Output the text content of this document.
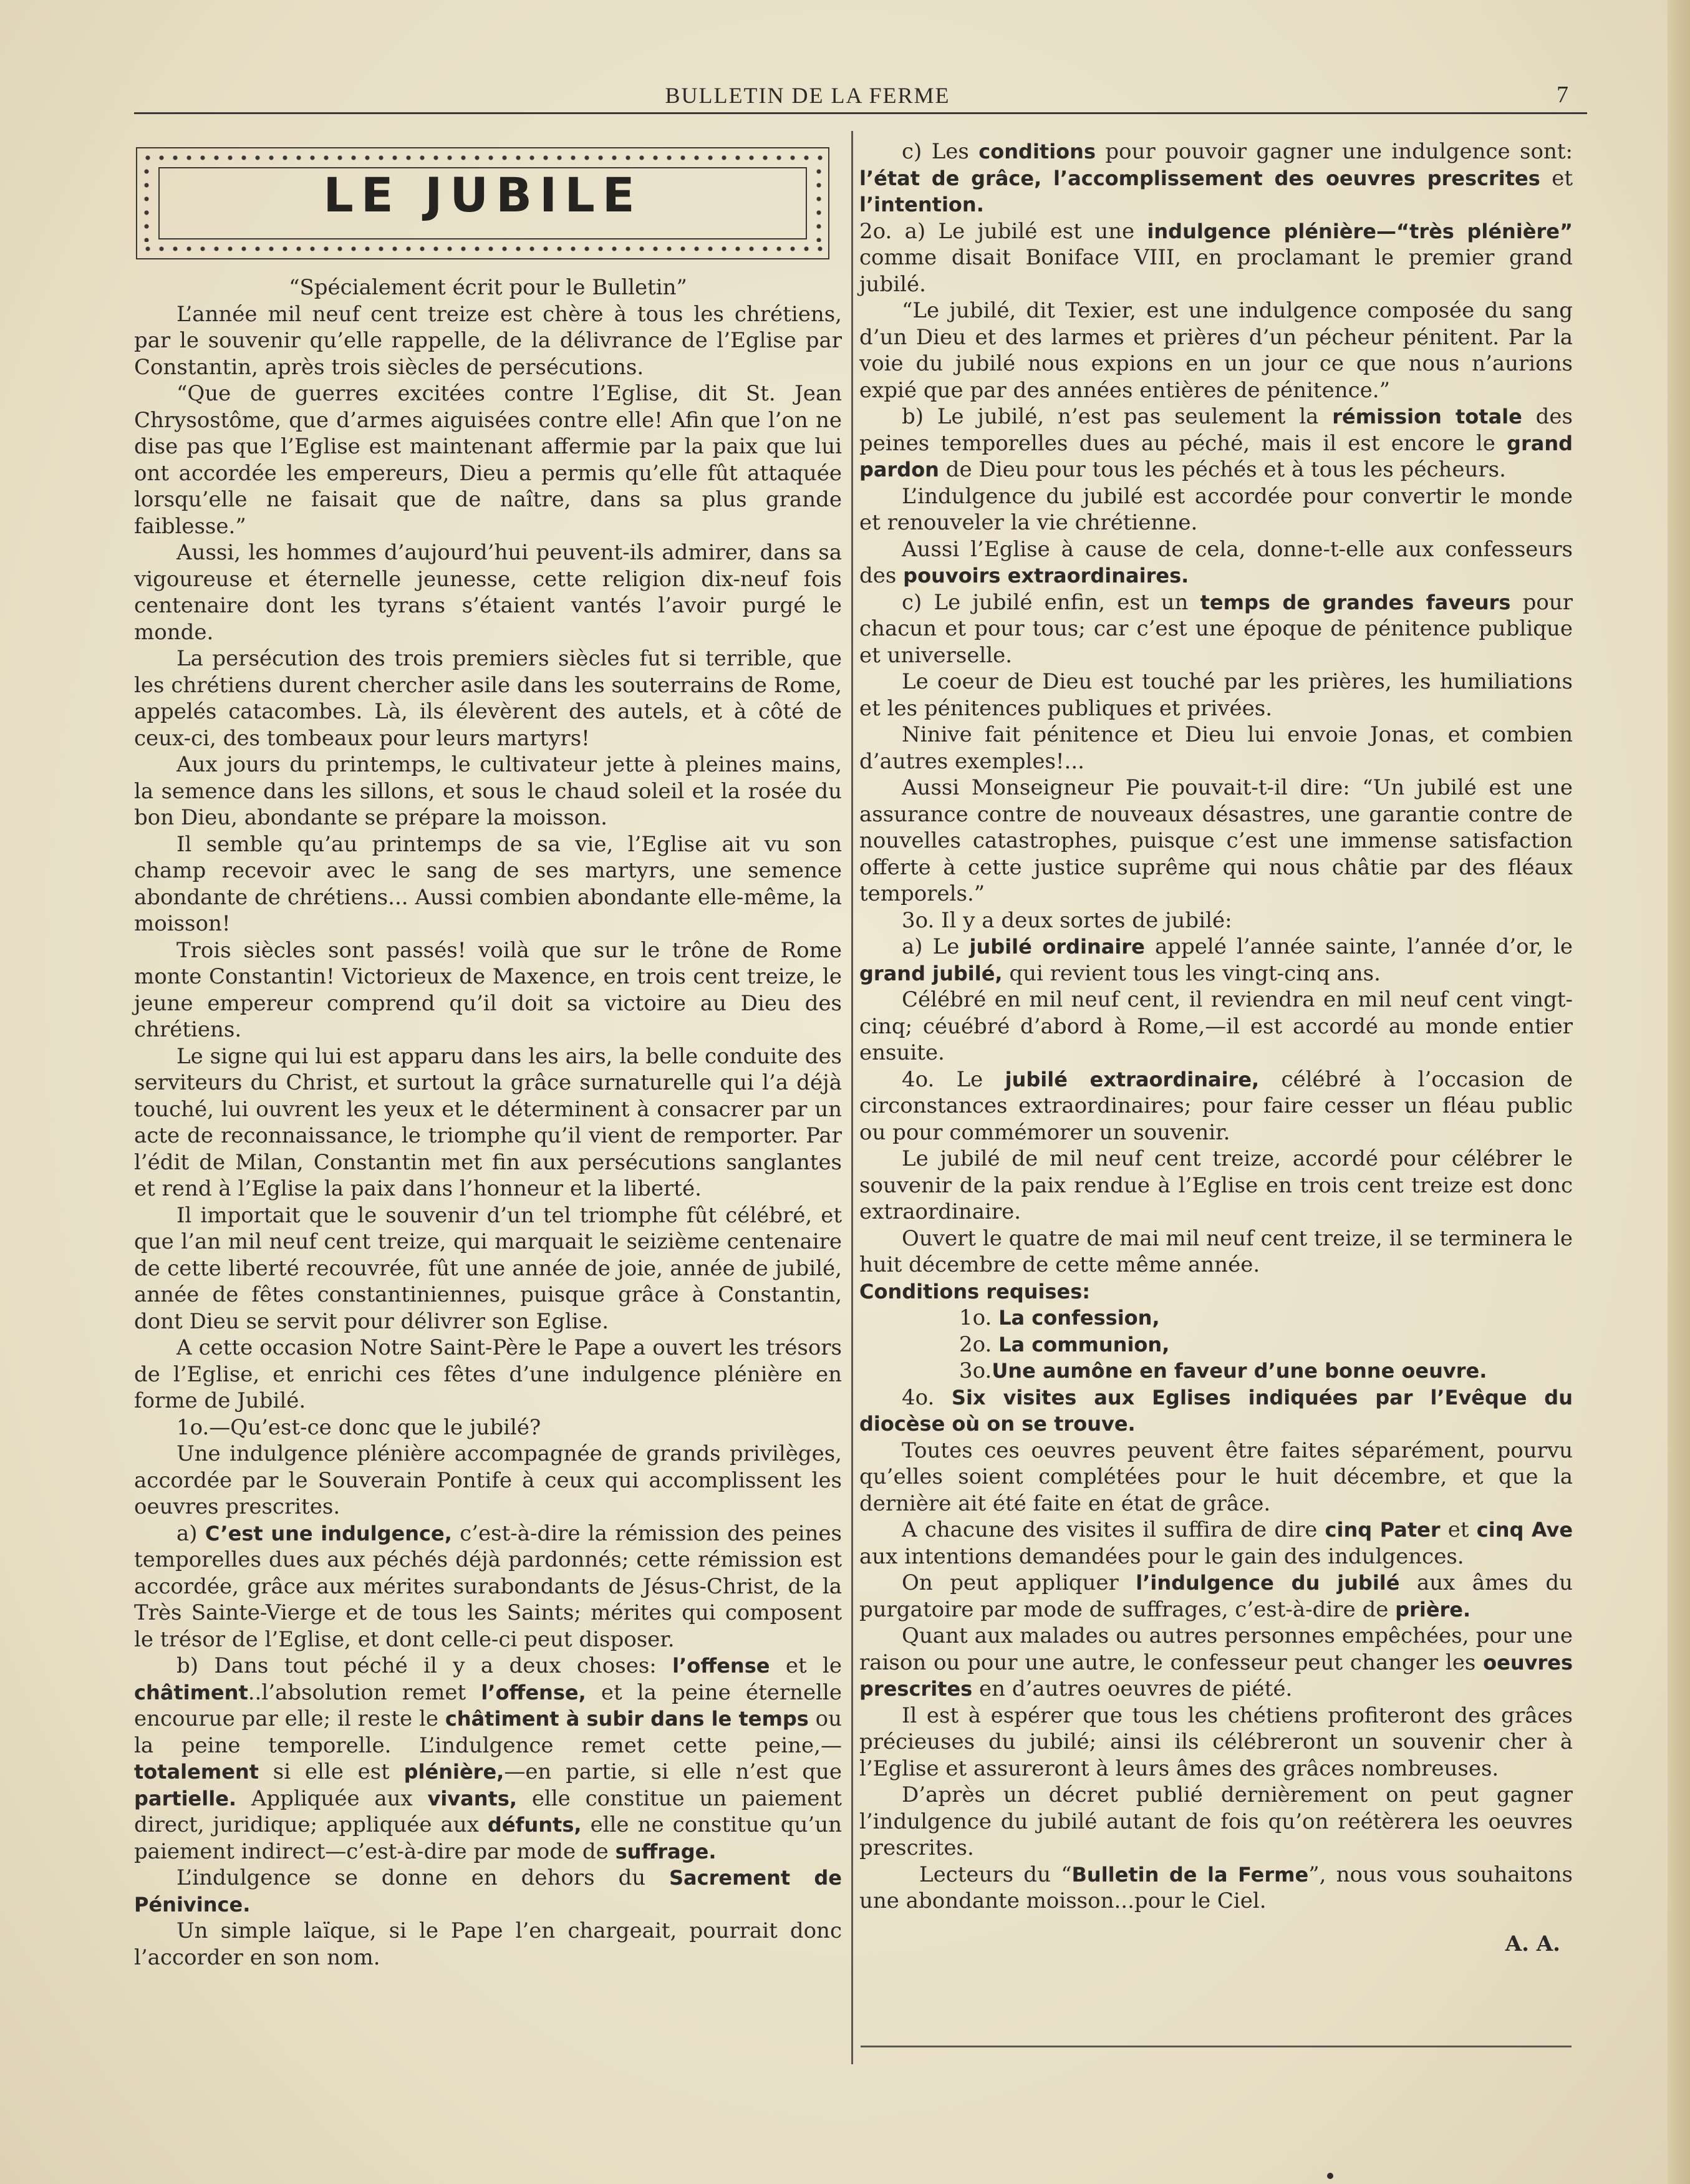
BULLETIN DE LA FERME	7
LE JUBILE

“Spécialement écrit pour le Bulletin”

L’année mil neuf cent treize est chère à tous les chrétiens, par le souvenir qu’elle rappelle, de la délivrance de l’Eglise par Constantin, après trois siècles de persécutions.

“Que de guerres excitées contre l’Eglise, dit St. Jean Chrysostôme, que d’armes aiguisées contre elle! Afin que l’on ne dise pas que l’Eglise est maintenant affermie par la paix que lui ont accordée les empereurs, Dieu a permis qu’elle fût attaquée lorsqu’elle ne faisait que de naître, dans sa plus grande faiblesse.”

Aussi, les hommes d’aujourd’hui peuvent-ils admirer, dans sa vigoureuse et éternelle jeunesse, cette religion dix-neuf fois centenaire dont les tyrans s’étaient vantés l’avoir purgé le monde.

La persécution des trois premiers siècles fut si terrible, que les chrétiens durent chercher asile dans les souterrains de Rome, appelés catacombes. Là, ils élevèrent des autels, et à côté de ceux-ci, des tombeaux pour leurs martyrs!

Aux jours du printemps, le cultivateur jette à pleines mains, la semence dans les sillons, et sous le chaud soleil et la rosée du bon Dieu, abondante se prépare la moisson.

Il semble qu’au printemps de sa vie, l’Eglise ait vu son champ recevoir avec le sang de ses martyrs, une semence abondante de chrétiens... Aussi combien abondante elle-même, la moisson!

Trois siècles sont passés! voilà que sur le trône de Rome monte Constantin! Victorieux de Maxence, en trois cent treize, le jeune empereur comprend qu’il doit sa victoire au Dieu des chrétiens.

Le signe qui lui est apparu dans les airs, la belle conduite des serviteurs du Christ, et surtout la grâce surnaturelle qui l’a déjà touché, lui ouvrent les yeux et le déterminent à consacrer par un acte de reconnaissance, le triomphe qu’il vient de remporter. Par l’édit de Milan, Constantin met fin aux persécutions sanglantes et rend à l’Eglise la paix dans l’honneur et la liberté.

Il importait que le souvenir d’un tel triomphe fût célébré, et que l’an mil neuf cent treize, qui marquait le seizième centenaire de cette liberté recouvrée, fût une année de joie, année de jubilé, année de fêtes constantiniennes, puisque grâce à Constantin, dont Dieu se servit pour délivrer son Eglise.

A cette occasion Notre Saint-Père le Pape a ouvert les trésors de l’Eglise, et enrichi ces fêtes d’une indulgence plénière en forme de Jubilé.

1o.—Qu’est-ce donc que le jubilé?

Une indulgence plénière accompagnée de grands privilèges, accordée par le Souverain Pontife à ceux qui accomplissent les oeuvres prescrites.

a) C’est une indulgence, c’est-à-dire la rémission des peines temporelles dues aux péchés déjà pardonnés; cette rémission est accordée, grâce aux mérites surabondants de Jésus-Christ, de la Très Sainte-Vierge et de tous les Saints; mérites qui composent le trésor de l’Eglise, et dont celle-ci peut disposer.

b) Dans tout péché il y a deux choses: l’offense et le châtiment..l’absolution remet l’offense, et la peine éternelle encourue par elle; il reste le châtiment à subir dans le temps ou la peine temporelle. L’indulgence remet cette peine,— totalement si elle est plénière,—en partie, si elle n’est que partielle. Appliquée aux vivants, elle constitue un paiement direct, juridique; appliquée aux défunts, elle ne constitue qu’un paiement indirect—c’est-à-dire par mode de suffrage.

L’indulgence se donne en dehors du Sacrement de Pénivince.

Un simple laïque, si le Pape l’en chargeait, pourrait donc l’accorder en son nom.

c) Les conditions pour pouvoir gagner une indulgence sont: l’état de grâce, l’accomplissement des oeuvres prescrites et l’intention.

2o. a) Le jubilé est une indulgence plénière—“très plénière” comme disait Boniface VIII, en proclamant le premier grand jubilé.

“Le jubilé, dit Texier, est une indulgence composée du sang d’un Dieu et des larmes et prières d’un pécheur pénitent. Par la voie du jubilé nous expions en un jour ce que nous n’aurions expié que par des années entières de pénitence.”

b) Le jubilé, n’est pas seulement la rémission totale des peines temporelles dues au péché, mais il est encore le grand pardon de Dieu pour tous les péchés et à tous les pécheurs.

L’indulgence du jubilé est accordée pour convertir le monde et renouveler la vie chrétienne.

Aussi l’Eglise à cause de cela, donne-t-elle aux confesseurs des pouvoirs extraordinaires.

c) Le jubilé enfin, est un temps de grandes faveurs pour chacun et pour tous; car c’est une époque de pénitence publique et universelle.

Le coeur de Dieu est touché par les prières, les humiliations et les pénitences publiques et privées.

Ninive fait pénitence et Dieu lui envoie Jonas, et combien d’autres exemples!...

Aussi Monseigneur Pie pouvait-t-il dire: “Un jubilé est une assurance contre de nouveaux désastres, une garantie contre de nouvelles catastrophes, puisque c’est une immense satisfaction offerte à cette justice suprême qui nous châtie par des fléaux temporels.”

3o. Il y a deux sortes de jubilé:

a) Le jubilé ordinaire appelé l’année sainte, l’année d’or, le grand jubilé, qui revient tous les vingt-cinq ans.

Célébré en mil neuf cent, il reviendra en mil neuf cent vingt-cinq; céuébré d’abord à Rome,—il est accordé au monde entier ensuite.

4o. Le jubilé extraordinaire, célébré à l’occasion de circonstances extraordinaires; pour faire cesser un fléau public ou pour commémorer un souvenir.

Le jubilé de mil neuf cent treize, accordé pour célébrer le souvenir de la paix rendue à l’Eglise en trois cent treize est donc extraordinaire.

Ouvert le quatre de mai mil neuf cent treize, il se terminera le huit décembre de cette même année.

Conditions requises:

1o. La confession,

2o. La communion,

3o.Une aumône en faveur d’une bonne oeuvre.

4o. Six visites aux Eglises indiquées par l’Evêque du diocèse où on se trouve.

Toutes ces oeuvres peuvent être faites séparément, pourvu qu’elles soient complétées pour le huit décembre, et que la dernière ait été faite en état de grâce.

A chacune des visites il suffira de dire cinq Pater et cinq Ave aux intentions demandées pour le gain des indulgences.

On peut appliquer l’indulgence du jubilé aux âmes du purgatoire par mode de suffrages, c’est-à-dire de prière.

Quant aux malades ou autres personnes empêchées, pour une raison ou pour une autre, le confesseur peut changer les oeuvres prescrites en d’autres oeuvres de piété.

Il est à espérer que tous les chétiens profiteront des grâces précieuses du jubilé; ainsi ils célébreront un souvenir cher à l’Eglise et assureront à leurs âmes des grâces nombreuses.

D’après un décret publié dernièrement on peut gagner l’indulgence du jubilé autant de fois qu’on reétèrera les oeuvres prescrites.

Lecteurs du “Bulletin de la Ferme”, nous vous souhaitons une abondante moisson...pour le Ciel.

A. A.
